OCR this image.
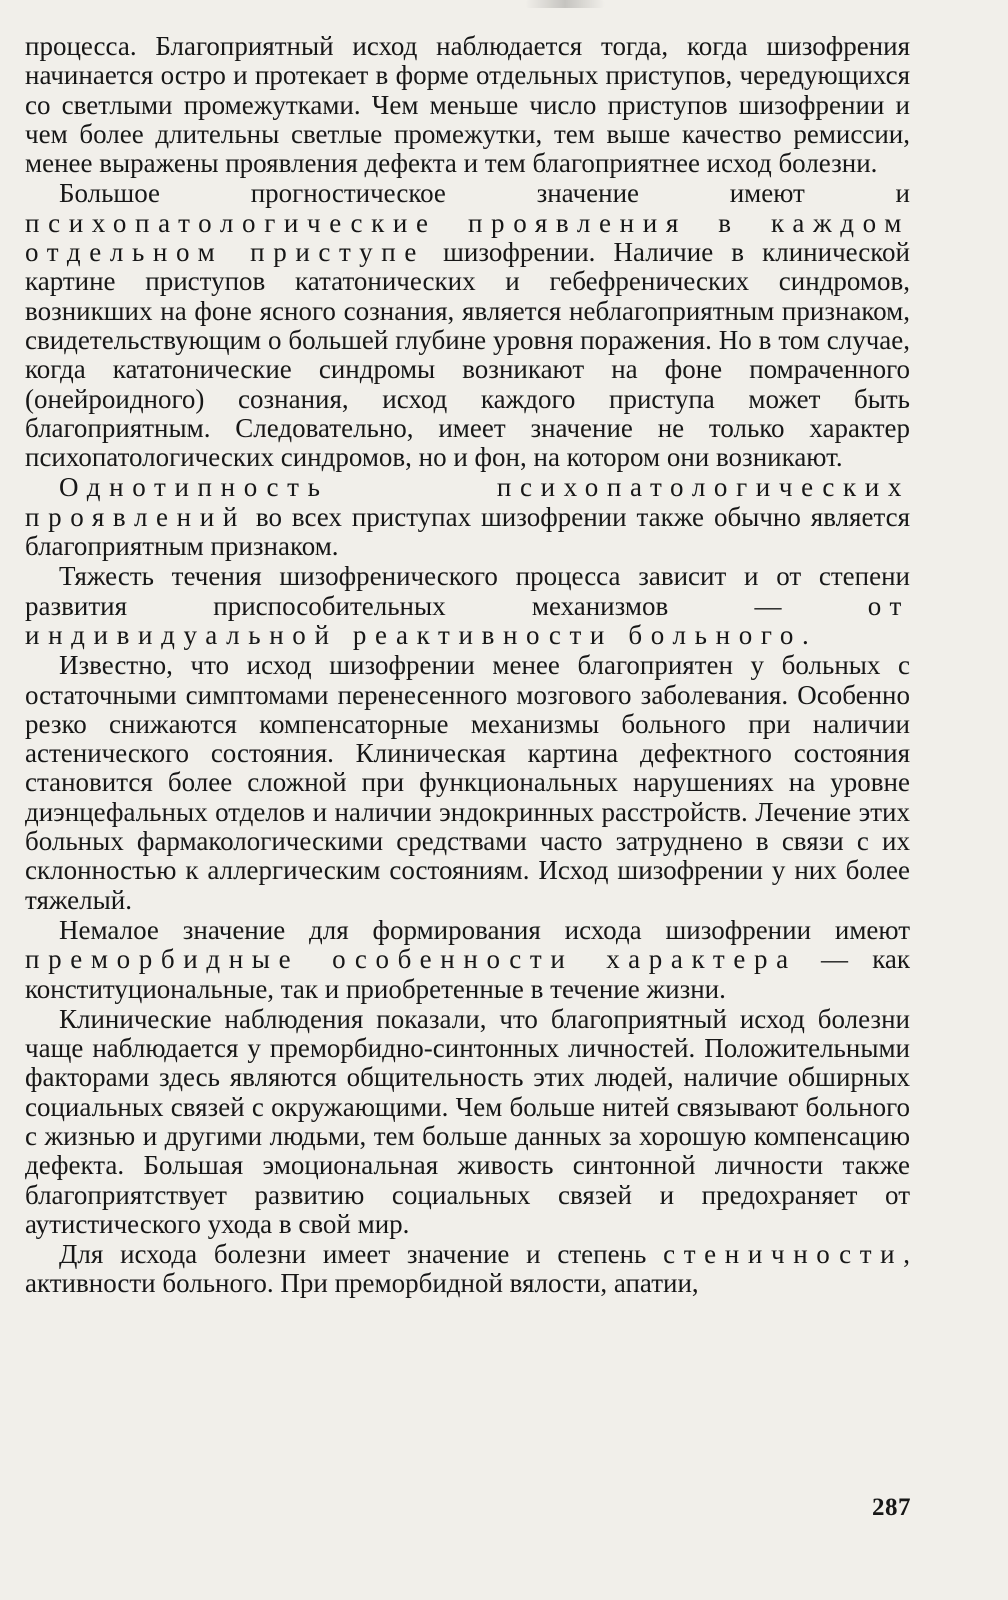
процесса. Благоприятный исход наблюдается тогда, когда шизофрения начинается остро и протекает в форме отдельных приступов, чередующихся со светлыми промежутками. Чем меньше число приступов шизофрении и чем более длительны светлые промежутки, тем выше качество ремиссии, менее выражены проявления дефекта и тем благоприятнее исход болезни.

Большое прогностическое значение имеют и психопатологические проявления в каждом отдельном приступе шизофрении. Наличие в клинической картине приступов кататонических и гебефренических синдромов, возникших на фоне ясного сознания, является неблагоприятным признаком, свидетельствующим о большей глубине уровня поражения. Но в том случае, когда кататонические синдромы возникают на фоне помраченного (онейроидного) сознания, исход каждого приступа может быть благоприятным. Следовательно, имеет значение не только характер психопатологических синдромов, но и фон, на котором они возникают.

Однотипность психопатологических проявлений во всех приступах шизофрении также обычно является благоприятным признаком.

Тяжесть течения шизофренического процесса зависит и от степени развития приспособительных механизмов — от индивидуальной реактивности больного.

Известно, что исход шизофрении менее благоприятен у больных с остаточными симптомами перенесенного мозгового заболевания. Особенно резко снижаются компенсаторные механизмы больного при наличии астенического состояния. Клиническая картина дефектного состояния становится более сложной при функциональных нарушениях на уровне диэнцефальных отделов и наличии эндокринных расстройств. Лечение этих больных фармакологическими средствами часто затруднено в связи с их склонностью к аллергическим состояниям. Исход шизофрении у них более тяжелый.

Немалое значение для формирования исхода шизофрении имеют преморбидные особенности характера — как конституциональные, так и приобретенные в течение жизни.

Клинические наблюдения показали, что благоприятный исход болезни чаще наблюдается у преморбидно-синтонных личностей. Положительными факторами здесь являются общительность этих людей, наличие обширных социальных связей с окружающими. Чем больше нитей связывают больного с жизнью и другими людьми, тем больше данных за хорошую компенсацию дефекта. Большая эмоциональная живость синтонной личности также благоприятствует развитию социальных связей и предохраняет от аутистического ухода в свой мир.

Для исхода болезни имеет значение и степень стеничности, активности больного. При преморбидной вялости, апатии,

287
